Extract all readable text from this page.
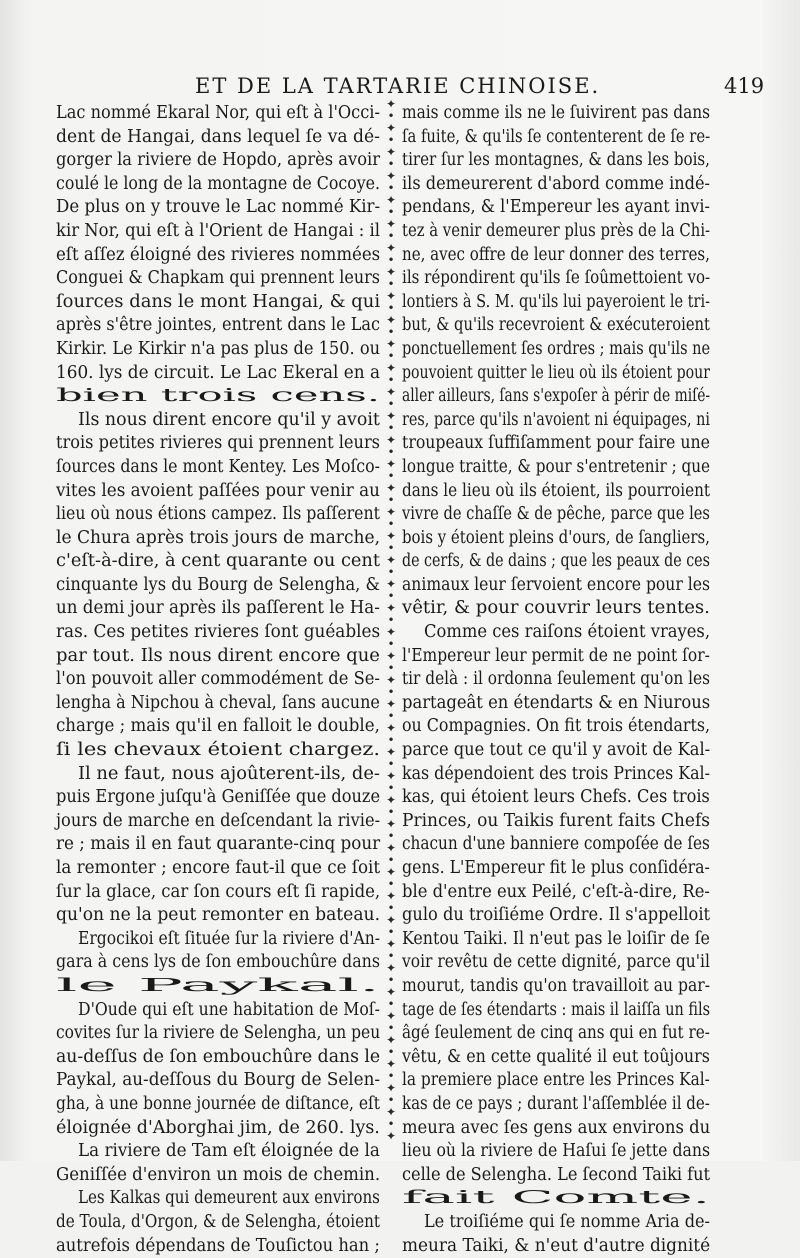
ET DE LA TARTARIE CHINOISE.	419
Lac nommé Ekaral Nor, qui eſt à l'Occi-
dent de Hangai, dans lequel ſe va dé-
gorger la riviere de Hopdo, après avoir
coulé le long de la montagne de Cocoye.
De plus on y trouve le Lac nommé Kir-
kir Nor, qui eſt à l'Orient de Hangai : il
eſt aſſez éloigné des rivieres nommées
Conguei & Chapkam qui prennent leurs
ſources dans le mont Hangai, & qui
après s'être jointes, entrent dans le Lac
Kirkir. Le Kirkir n'a pas plus de 150. ou
160. lys de circuit. Le Lac Ekeral en a
bien trois cens.
Ils nous dirent encore qu'il y avoit
trois petites rivieres qui prennent leurs
ſources dans le mont Kentey. Les Moſco-
vites les avoient paſſées pour venir au
lieu où nous étions campez. Ils paſſerent
le Chura après trois jours de marche,
c'eſt-à-dire, à cent quarante ou cent
cinquante lys du Bourg de Selengha, &
un demi jour après ils paſſerent le Ha-
ras. Ces petites rivieres ſont guéables
par tout. Ils nous dirent encore que
l'on pouvoit aller commodément de Se-
lengha à Nipchou à cheval, ſans aucune
charge ; mais qu'il en falloit le double,
ſi les chevaux étoient chargez.
Il ne faut, nous ajoûterent-ils, de-
puis Ergone juſqu'à Geniſſée que douze
jours de marche en deſcendant la rivie-
re ; mais il en faut quarante-cinq pour
la remonter ; encore faut-il que ce ſoit
ſur la glace, car ſon cours eſt ſi rapide,
qu'on ne la peut remonter en bateau.
Ergocikoi eſt ſituée ſur la riviere d'An-
gara à cens lys de ſon embouchûre dans
le Paykal.
D'Oude qui eſt une habitation de Moſ-
covites ſur la riviere de Selengha, un peu
au-deſſus de ſon embouchûre dans le
Paykal, au-deſſous du Bourg de Selen-
gha, à une bonne journée de diſtance, eſt
éloignée d'Aborghai jim, de 260. lys.
La riviere de Tam eſt éloignée de la
Geniſſée d'environ un mois de chemin.
Les Kalkas qui demeurent aux environs
de Toula, d'Orgon, & de Selengha, étoient
autrefois dépendans de Touſictou han ;
✦
•
✦
•
✦
•
✦
•
✦
•
✦
•
✦
•
✦
•
✦
•
✦
•
✦
•
✦
•
✦
•
✦
•
✦
•
✦
•
✦
•
✦
•
✦
•
✦
•
✦
•
✦
•
✦
•
✦
•
✦
•
✦
•
✦
•
✦
•
✦
•
✦
•
✦
•
✦
•
✦
•
✦
•
✦
•
✦
•
✦
•
✦
•
✦
•
✦
•
✦
•
✦
•
✦
•
✦
mais comme ils ne le ſuivirent pas dans
ſa fuite, & qu'ils ſe contenterent de ſe re-
tirer ſur les montagnes, & dans les bois,
ils demeurerent d'abord comme indé-
pendans, & l'Empereur les ayant invi-
tez à venir demeurer plus près de la Chi-
ne, avec offre de leur donner des terres,
ils répondirent qu'ils ſe ſoûmettoient vo-
lontiers à S. M. qu'ils lui payeroient le tri-
but, & qu'ils recevroient & exécuteroient
ponctuellement ſes ordres ; mais qu'ils ne
pouvoient quitter le lieu où ils étoient pour
aller ailleurs, ſans s'expoſer à périr de miſé-
res, parce qu'ils n'avoient ni équipages, ni
troupeaux ſuffiſamment pour faire une
longue traitte, & pour s'entretenir ; que
dans le lieu où ils étoient, ils pourroient
vivre de chaſſe & de pêche, parce que les
bois y étoient pleins d'ours, de ſangliers,
de cerfs, & de dains ; que les peaux de ces
animaux leur ſervoient encore pour les
vêtir, & pour couvrir leurs tentes.
Comme ces raiſons étoient vrayes,
l'Empereur leur permit de ne point ſor-
tir delà : il ordonna ſeulement qu'on les
partageât en étendarts & en Niurous
ou Compagnies. On fit trois étendarts,
parce que tout ce qu'il y avoit de Kal-
kas dépendoient des trois Princes Kal-
kas, qui étoient leurs Chefs. Ces trois
Princes, ou Taikis furent faits Chefs
chacun d'une banniere compoſée de ſes
gens. L'Empereur fit le plus conſidéra-
ble d'entre eux Peilé, c'eſt-à-dire, Re-
gulo du troiſiéme Ordre. Il s'appelloit
Kentou Taiki. Il n'eut pas le loiſir de ſe
voir revêtu de cette dignité, parce qu'il
mourut, tandis qu'on travailloit au par-
tage de ſes étendarts : mais il laiſſa un fils
âgé ſeulement de cinq ans qui en fut re-
vêtu, & en cette qualité il eut toûjours
la premiere place entre les Princes Kal-
kas de ce pays ; durant l'aſſemblée il de-
meura avec ſes gens aux environs du
lieu où la riviere de Haſui ſe jette dans
celle de Selengha. Le ſecond Taiki fut
fait Comte.
Le troiſiéme qui ſe nomme Aria de-
meura Taiki, & n'eut d'autre dignité
